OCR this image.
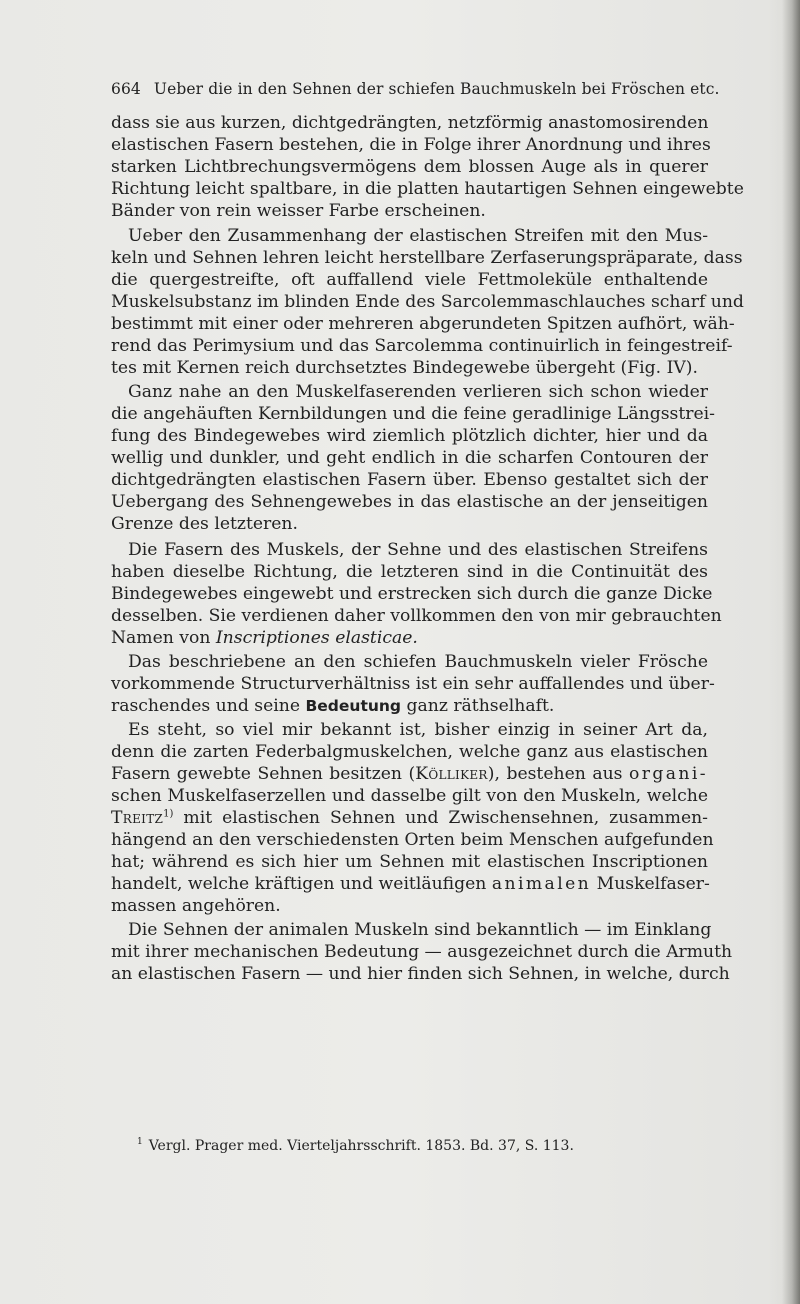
664 Ueber die in den Sehnen der schiefen Bauchmuskeln bei Fröschen etc.
dass sie aus kurzen, dichtgedrängten, netzförmig anastomosirenden
elastischen Fasern bestehen, die in Folge ihrer Anordnung und ihres
starken Lichtbrechungsvermögens dem blossen Auge als in querer
Richtung leicht spaltbare, in die platten hautartigen Sehnen eingewebte
Bänder von rein weisser Farbe erscheinen.
Ueber den Zusammenhang der elastischen Streifen mit den Mus-
keln und Sehnen lehren leicht herstellbare Zerfaserungspräparate, dass
die quergestreifte, oft auffallend viele Fettmoleküle enthaltende
Muskelsubstanz im blinden Ende des Sarcolemmaschlauches scharf und
bestimmt mit einer oder mehreren abgerundeten Spitzen aufhört, wäh-
rend das Perimysium und das Sarcolemma continuirlich in feingestreif-
tes mit Kernen reich durchsetztes Bindegewebe übergeht (Fig. IV).
Ganz nahe an den Muskelfaserenden verlieren sich schon wieder
die angehäuften Kernbildungen und die feine geradlinige Längsstrei-
fung des Bindegewebes wird ziemlich plötzlich dichter, hier und da
wellig und dunkler, und geht endlich in die scharfen Contouren der
dichtgedrängten elastischen Fasern über. Ebenso gestaltet sich der
Uebergang des Sehnengewebes in das elastische an der jenseitigen
Grenze des letzteren.
Die Fasern des Muskels, der Sehne und des elastischen Streifens
haben dieselbe Richtung, die letzteren sind in die Continuität des
Bindegewebes eingewebt und erstrecken sich durch die ganze Dicke
desselben. Sie verdienen daher vollkommen den von mir gebrauchten
Namen von Inscriptiones elasticae.
Das beschriebene an den schiefen Bauchmuskeln vieler Frösche
vorkommende Structurverhältniss ist ein sehr auffallendes und über-
raschendes und seine Bedeutung ganz räthselhaft.
Es steht, so viel mir bekannt ist, bisher einzig in seiner Art da,
denn die zarten Federbalgmuskelchen, welche ganz aus elastischen
Fasern gewebte Sehnen besitzen (Kölliker), bestehen aus organi-
schen Muskelfaserzellen und dasselbe gilt von den Muskeln, welche
Treitz$^{1)}$ mit elastischen Sehnen und Zwischensehnen, zusammen-
hängend an den verschiedensten Orten beim Menschen aufgefunden
hat; während es sich hier um Sehnen mit elastischen Inscriptionen
handelt, welche kräftigen und weitläufigen animalen Muskelfaser-
massen angehören.
Die Sehnen der animalen Muskeln sind bekanntlich — im Einklang
mit ihrer mechanischen Bedeutung — ausgezeichnet durch die Armuth
an elastischen Fasern — und hier finden sich Sehnen, in welche, durch
$^1$ Vergl. Prager med. Vierteljahrsschrift. 1853. Bd. 37, S. 113.
